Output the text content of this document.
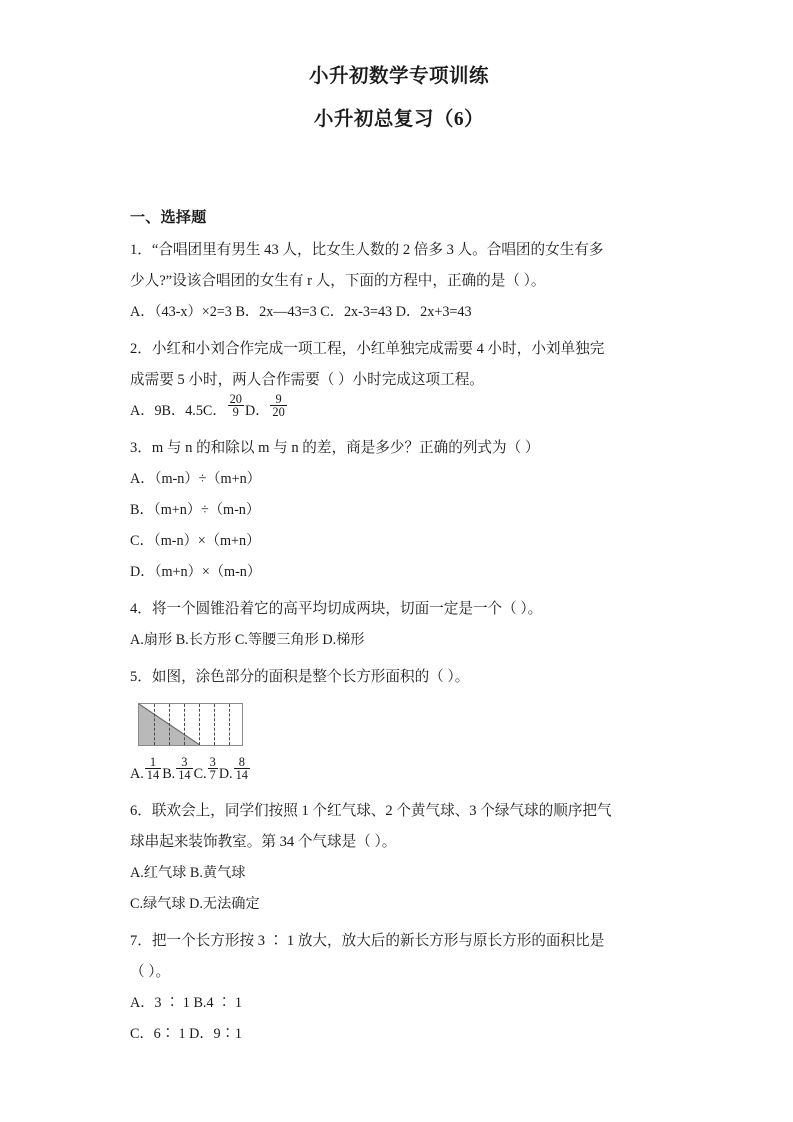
小升初数学专项训练
小升初总复习（6）
一、选择题
1．“合唱团里有男生 43 人，比女生人数的 2 倍多 3 人。合唱团的女生有多
少人?”设该合唱团的女生有 r 人，下面的方程中，正确的是（ ）。
A．（43-x）×2=3 B．2x—43=3 C．2x-3=43 D．2x+3=43
2．小红和小刘合作完成一项工程，小红单独完成需要 4 小时，小刘单独完
成需要 5 小时，两人合作需要（ ）小时完成这项工程。
A．9B．4.5C． $\frac{20}{9}$ D． $\frac{9}{20}$
3．m 与 n 的和除以 m 与 n 的差，商是多少？正确的列式为（ ）
A．（m-n）÷（m+n）
B．（m+n）÷（m-n）
C．（m-n）×（m+n）
D．（m+n）×（m-n）
4．将一个圆锥沿着它的高平均切成两块，切面一定是一个（ ）。
A.扇形 B.长方形 C.等腰三角形 D.梯形
5．如图，涂色部分的面积是整个长方形面积的（ ）。
A. $\frac{1}{14} B$. $\frac{3}{14} C$. $\frac{3}{7} D$. $\frac{8}{14}$
6．联欢会上，同学们按照 1 个红气球、2 个黄气球、3 个绿气球的顺序把气
球串起来装饰教室。第 34 个气球是（ ）。
A.红气球 B.黄气球
C.绿气球 D.无法确定
7．把一个长方形按 3 ∶ 1 放大，放大后的新长方形与原长方形的面积比是
（ ）。
A．3 ∶ 1 B.4 ∶ 1
C．6∶ 1 D．9∶1
